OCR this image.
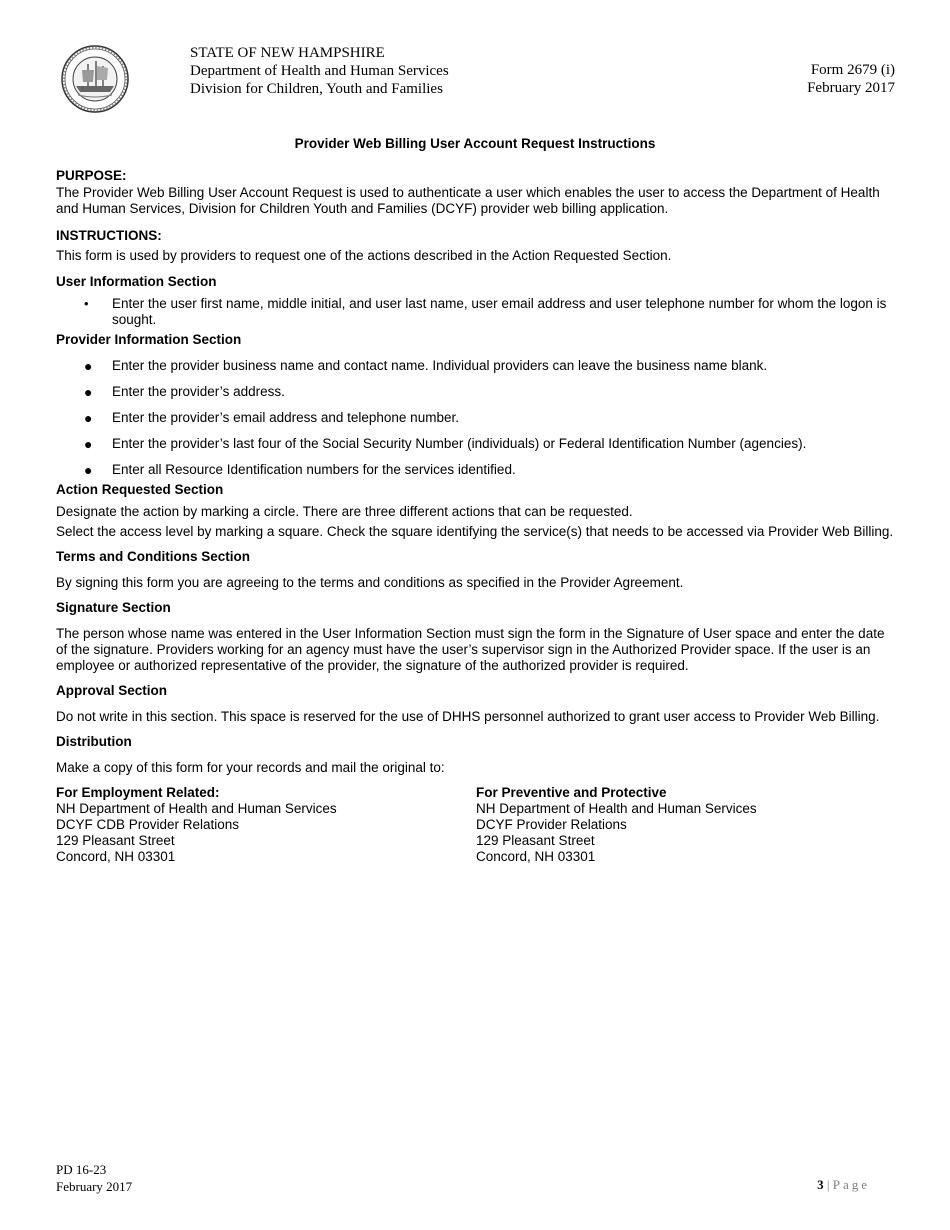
STATE OF NEW HAMPSHIRE
Department of Health and Human Services
Division for Children, Youth and Families
Form 2679 (i)
February 2017
Provider Web Billing User Account Request Instructions
PURPOSE:
The Provider Web Billing User Account Request is used to authenticate a user which enables the user to access the Department of Health and Human Services, Division for Children Youth and Families (DCYF) provider web billing application.
INSTRUCTIONS:
This form is used by providers to request one of the actions described in the Action Requested Section.
User Information Section
• Enter the user first name, middle initial, and user last name, user email address and user telephone number for whom the logon is sought.
Provider Information Section
● Enter the provider business name and contact name. Individual providers can leave the business name blank.
● Enter the provider’s address.
● Enter the provider’s email address and telephone number.
● Enter the provider’s last four of the Social Security Number (individuals) or Federal Identification Number (agencies).
● Enter all Resource Identification numbers for the services identified.
Action Requested Section
Designate the action by marking a circle. There are three different actions that can be requested.
Select the access level by marking a square. Check the square identifying the service(s) that needs to be accessed via Provider Web Billing.
Terms and Conditions Section
By signing this form you are agreeing to the terms and conditions as specified in the Provider Agreement.
Signature Section
The person whose name was entered in the User Information Section must sign the form in the Signature of User space and enter the date of the signature. Providers working for an agency must have the user’s supervisor sign in the Authorized Provider space. If the user is an employee or authorized representative of the provider, the signature of the authorized provider is required.
Approval Section
Do not write in this section. This space is reserved for the use of DHHS personnel authorized to grant user access to Provider Web Billing.
Distribution
Make a copy of this form for your records and mail the original to:
For Employment Related:
NH Department of Health and Human Services
DCYF CDB Provider Relations
129 Pleasant Street
Concord, NH 03301
For Preventive and Protective
NH Department of Health and Human Services
DCYF Provider Relations
129 Pleasant Street
Concord, NH 03301
PD 16-23
February 2017	3 | Page
